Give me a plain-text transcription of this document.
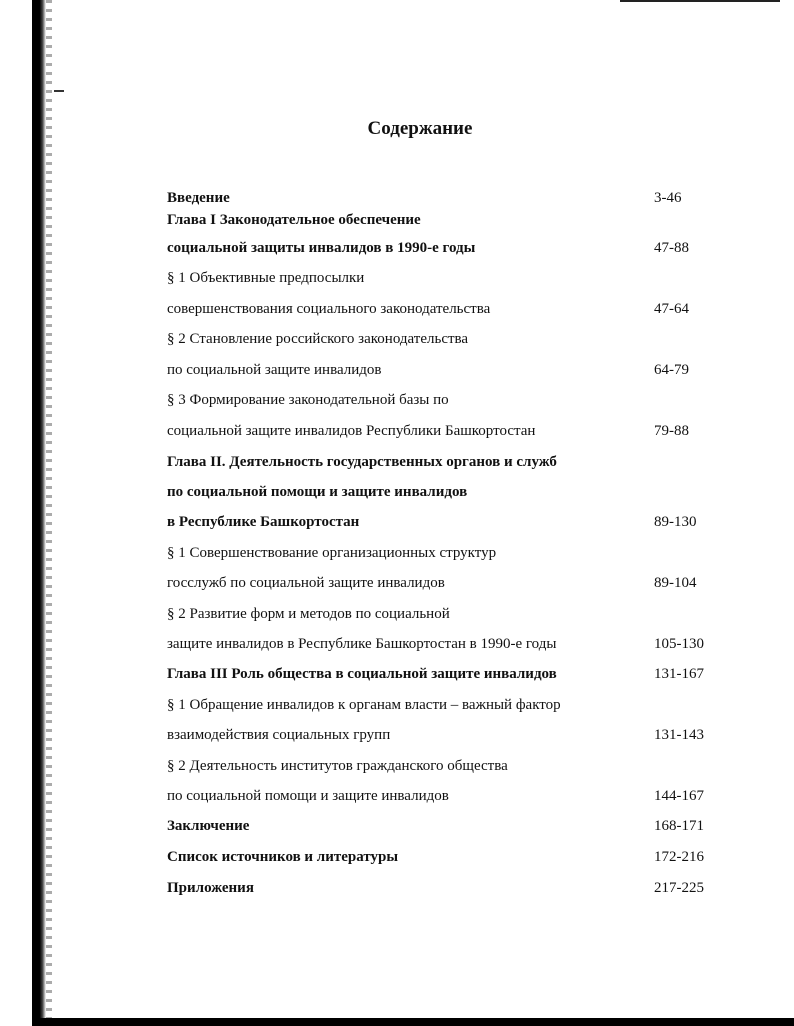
Содержание
Введение	3-46
Глава I Законодательное обеспечение
социальной защиты инвалидов в 1990-е годы	47-88
§ 1 Объективные предпосылки
совершенствования социального законодательства	47-64
§ 2 Становление российского законодательства
по социальной защите инвалидов	64-79
§ 3 Формирование законодательной базы по
социальной защите инвалидов Республики Башкортостан	79-88
Глава II. Деятельность государственных органов и служб
по социальной помощи и защите инвалидов
в Республике Башкортостан	89-130
§ 1 Совершенствование организационных структур
госслужб по социальной защите инвалидов	89-104
§ 2 Развитие форм и методов по социальной
защите инвалидов в Республике Башкортостан в 1990-е годы	105-130
Глава III Роль общества в социальной защите инвалидов	131-167
§ 1 Обращение инвалидов к органам власти – важный фактор
взаимодействия социальных групп	131-143
§ 2 Деятельность институтов гражданского общества
по социальной помощи и защите инвалидов	144-167
Заключение	168-171
Список источников и литературы	172-216
Приложения	217-225
